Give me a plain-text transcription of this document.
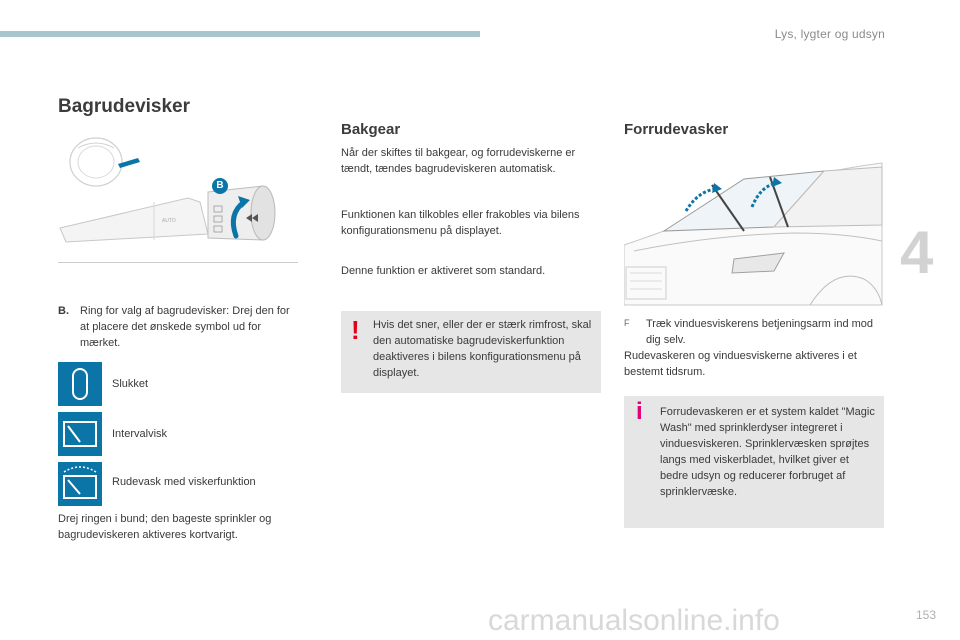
Lys, lygter og udsyn
4
Bagrudevisker
AUTO
B
B. Ring for valg af bagrudevisker: Drej den for at placere det ønskede symbol ud for mærket.

Slukket
Intervalvisk
Rudevask med viskerfunktion

Drej ringen i bund; den bageste sprinkler og bagrudeviskeren aktiveres kortvarigt.

Bakgear

Når der skiftes til bakgear, og forrudeviskerne er tændt, tændes bagrudeviskeren automatisk.

Funktionen kan tilkobles eller frakobles via bilens konfigurationsmenu på displayet.

Denne funktion er aktiveret som standard.

! Hvis det sner, eller der er stærk rimfrost, skal den automatiske bagrudeviskerfunktion deaktiveres i bilens konfigurationsmenu på displayet.

Forrudevasker
F Træk vinduesviskerens betjeningsarm ind mod dig selv.

Rudevaskeren og vinduesviskerne aktiveres i et bestemt tidsrum.

i Forrudevaskeren er et system kaldet "Magic Wash" med sprinklerdyser integreret i vinduesviskeren. Sprinklervæsken sprøjtes langs med viskerbladet, hvilket giver et bedre udsyn og reducerer forbruget af sprinklervæske.

carmanualsonline.info	153
